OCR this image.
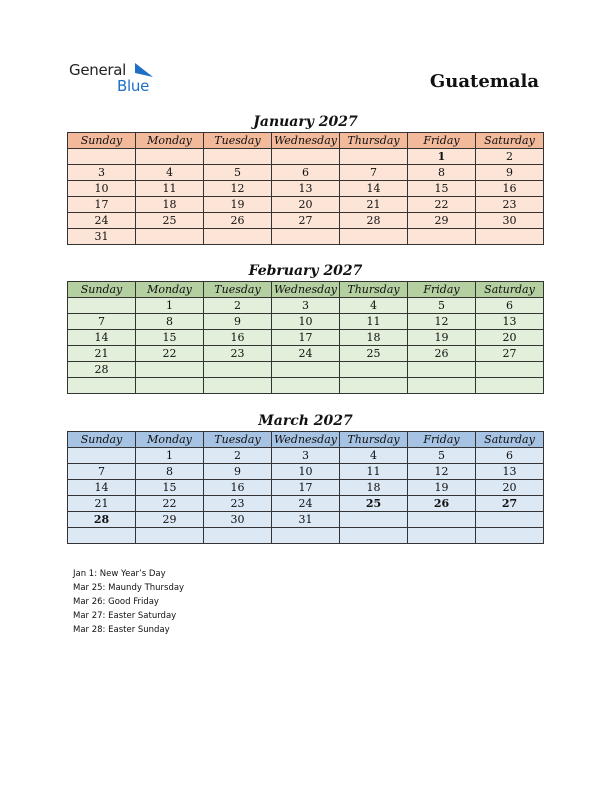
General
Blue	Guatemala
January 2027
Sunday	Monday	Tuesday	Wednesday	Thursday	Friday	Saturday
					1	2
3	4	5	6	7	8	9
10	11	12	13	14	15	16
17	18	19	20	21	22	23
24	25	26	27	28	29	30
31						
February 2027
Sunday	Monday	Tuesday	Wednesday	Thursday	Friday	Saturday
	1	2	3	4	5	6
7	8	9	10	11	12	13
14	15	16	17	18	19	20
21	22	23	24	25	26	27
28						

March 2027
Sunday	Monday	Tuesday	Wednesday	Thursday	Friday	Saturday
	1	2	3	4	5	6
7	8	9	10	11	12	13
14	15	16	17	18	19	20
21	22	23	24	25	26	27
28	29	30	31			

Jan 1: New Year’s Day
Mar 25: Maundy Thursday
Mar 26: Good Friday
Mar 27: Easter Saturday
Mar 28: Easter Sunday
